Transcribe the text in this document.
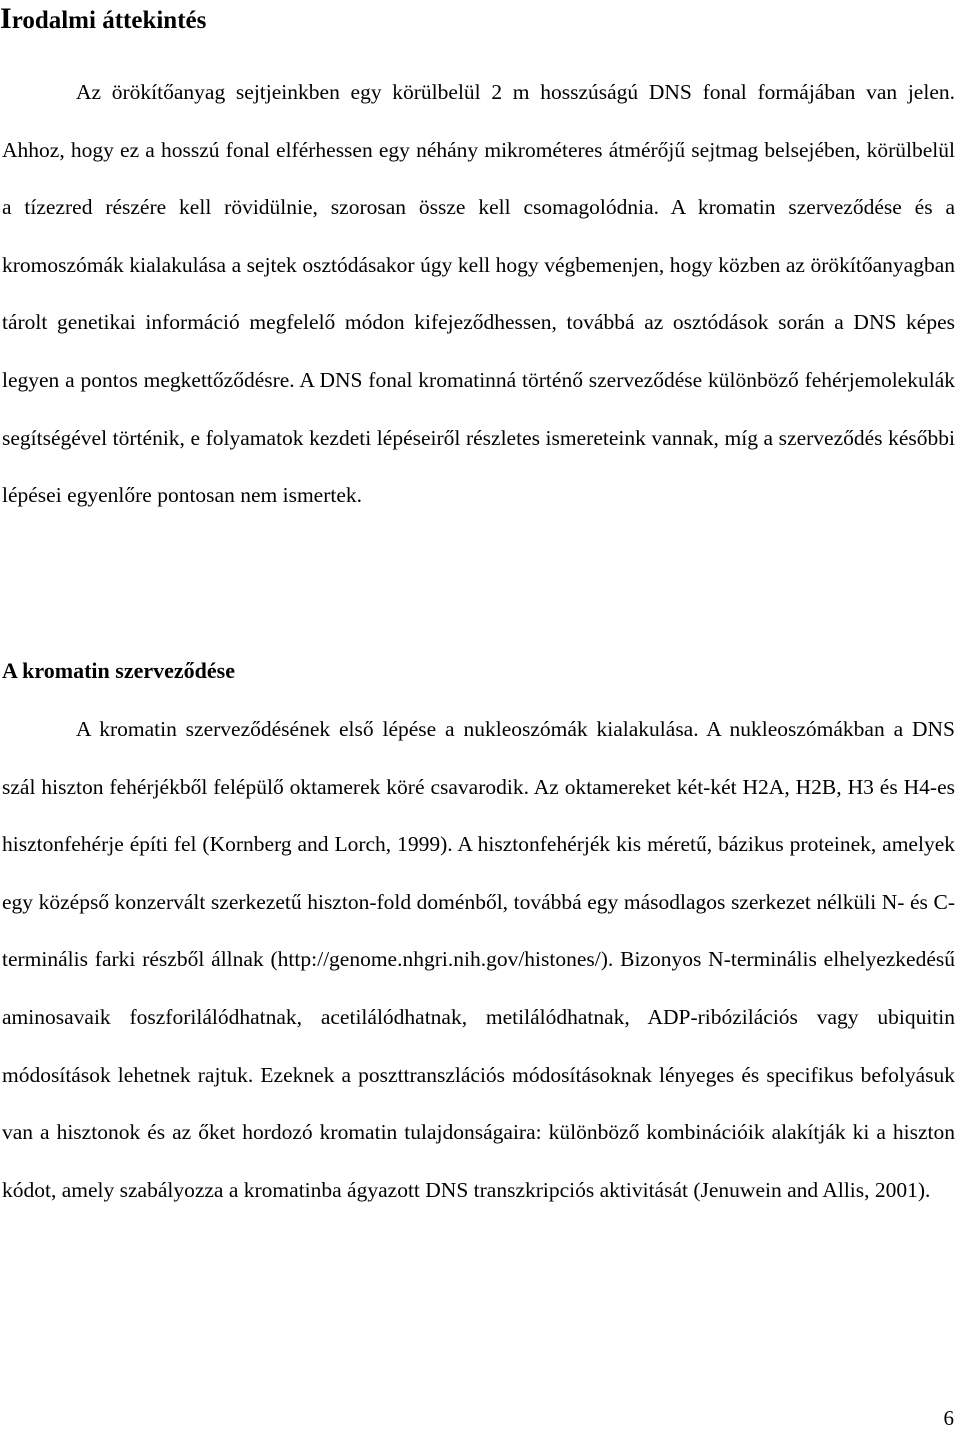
Irodalmi áttekintés

Az örökítőanyag sejtjeinkben egy körülbelül 2 m hosszúságú DNS fonal formájában van jelen. Ahhoz, hogy ez a hosszú fonal elférhessen egy néhány mikrométeres átmérőjű sejtmag belsejében, körülbelül a tízezred részére kell rövidülnie, szorosan össze kell csomagolódnia. A kromatin szerveződése és a kromoszómák kialakulása a sejtek osztódásakor úgy kell hogy végbemenjen, hogy közben az örökítőanyagban tárolt genetikai információ megfelelő módon kifejeződhessen, továbbá az osztódások során a DNS képes legyen a pontos megkettőződésre. A DNS fonal kromatinná történő szerveződése különböző fehérjemolekulák segítségével történik, e folyamatok kezdeti lépéseiről részletes ismereteink vannak, míg a szerveződés későbbi lépései egyenlőre pontosan nem ismertek.

A kromatin szerveződése

A kromatin szerveződésének első lépése a nukleoszómák kialakulása. A nukleoszómákban a DNS szál hiszton fehérjékből felépülő oktamerek köré csavarodik. Az oktamereket két-két H2A, H2B, H3 és H4-es hisztonfehérje építi fel (Kornberg and Lorch, 1999). A hisztonfehérjék kis méretű, bázikus proteinek, amelyek egy középső konzervált szerkezetű hiszton-fold doménből, továbbá egy másodlagos szerkezet nélküli N- és C-terminális farki részből állnak (http://genome.nhgri.nih.gov/histones/). Bizonyos N-terminális elhelyezkedésű aminosavaik foszforilálódhatnak, acetilálódhatnak, metilálódhatnak, ADP-ribózilációs vagy ubiquitin módosítások lehetnek rajtuk. Ezeknek a poszttranszlációs módosításoknak lényeges és specifikus befolyásuk van a hisztonok és az őket hordozó kromatin tulajdonságaira: különböző kombinációik alakítják ki a hiszton kódot, amely szabályozza a kromatinba ágyazott DNS transzkripciós aktivitását (Jenuwein and Allis, 2001).

6
